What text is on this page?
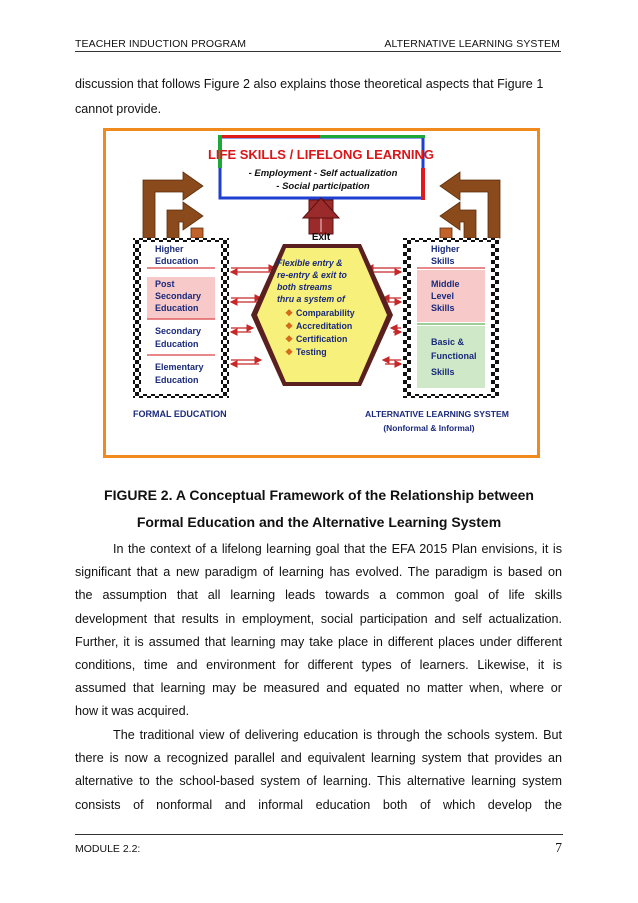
TEACHER INDUCTION PROGRAM	ALTERNATIVE LEARNING SYSTEM
discussion that follows Figure 2 also explains those theoretical aspects that Figure 1
cannot provide.
LIFE SKILLS / LIFELONG LEARNING
- Employment - Self actualization
- Social participation
Exit
Higher
Education
Post
Secondary
Education
Secondary
Education
Elementary
Education
Higher
Skills
Middle
Level
Skills
Basic &
Functional
Skills
Flexible entry &
re-entry & exit to
both streams
thru a system of
❖ Comparability
❖ Accreditation
❖ Certification
❖ Testing
FORMAL EDUCATION	ALTERNATIVE LEARNING SYSTEM
(Nonformal & Informal)
FIGURE 2. A Conceptual Framework of the Relationship between
Formal Education and the Alternative Learning System

In the context of a lifelong learning goal that the EFA 2015 Plan envisions, it is

significant that a new paradigm of learning has evolved. The paradigm is based on

the assumption that all learning leads towards a common goal of life skills

development that results in employment, social participation and self actualization.

Further, it is assumed that learning may take place in different places under different

conditions, time and environment for different types of learners. Likewise, it is

assumed that learning may be measured and equated no matter when, where or

how it was acquired.

The traditional view of delivering education is through the schools system. But

there is now a recognized parallel and equivalent learning system that provides an

alternative to the school-based system of learning. This alternative learning system

consists of nonformal and informal education both of which develop the

MODULE 2.2:	7
